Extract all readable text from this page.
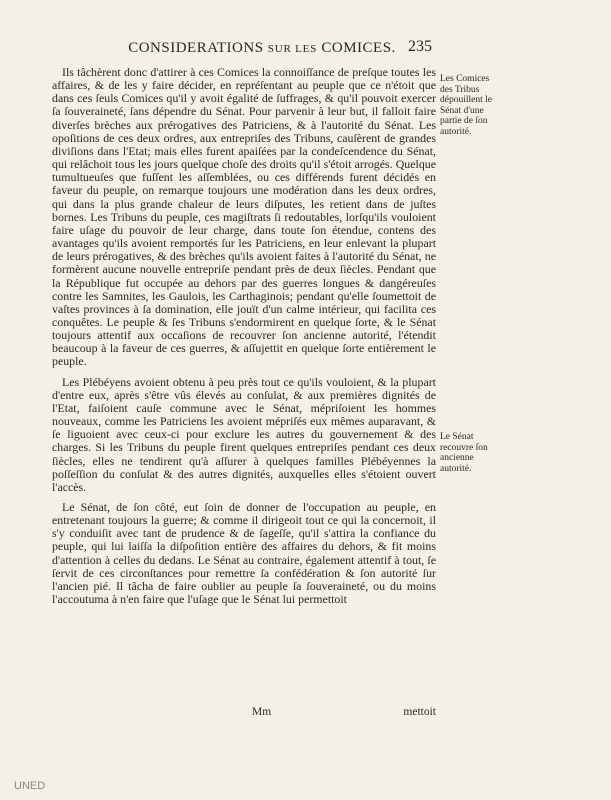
CONSIDERATIONS SUR LES COMICES. 235

Ils tâchèrent donc d'attirer à ces Comices la connoiſſance de preſque toutes les affaires, & de les y faire décider, en repréſentant au peuple que ce n'étoit que dans ces ſeuls Comices qu'il y avoit égalité de ſuffrages, & qu'il pouvoit exercer ſa ſouveraineté, ſans dépendre du Sénat. Pour parvenir à leur but, il falloit faire diverſes brèches aux prérogatives des Patriciens, & à l'autorité du Sénat. Les opoſitions de ces deux ordres, aux entrepriſes des Tribuns, cauſèrent de grandes diviſions dans l'Etat; mais elles furent apaiſées par la condeſcendence du Sénat, qui relâchoit tous les jours quelque choſe des droits qu'il s'étoit arrogés. Quelque tumultueuſes que fuſſent les aſſemblées, ou ces différends furent décidés en faveur du peuple, on remarque toujours une modération dans les deux ordres, qui dans la plus grande chaleur de leurs diſputes, les retient dans de juſtes bornes. Les Tribuns du peuple, ces magiſtrats ſi redoutables, lorſqu'ils vouloient faire uſage du pouvoir de leur charge, dans toute ſon étendue, contens des avantages qu'ils avoient remportés ſur les Patriciens, en leur enlevant la plupart de leurs prérogatives, & des brèches qu'ils avoient faites à l'autorité du Sénat, ne formèrent aucune nouvelle entrepriſe pendant près de deux ſiècles. Pendant que la République fut occupée au dehors par des guerres longues & dangéreuſes contre les Samnites, les Gaulois, les Carthaginois; pendant qu'elle ſoumettoit de vaſtes provinces à ſa domination, elle jouït d'un calme intérieur, qui facilita ces conquêtes. Le peuple & ſes Tribuns s'endormirent en quelque ſorte, & le Sénat toujours attentif aux occaſions de recouvrer ſon ancienne autorité, l'étendit beaucoup à la faveur de ces guerres, & aſſujettit en quelque ſorte entièrement le peuple.

Les Plébéyens avoient obtenu à peu près tout ce qu'ils vouloient, & la plupart d'entre eux, après s'être vûs élevés au conſulat, & aux premières dignités de l'Etat, faiſoient cauſe commune avec le Sénat, mépriſoient les hommes nouveaux, comme les Patriciens les avoient mépriſés eux mêmes auparavant, & ſe liguoient avec ceux-ci pour exclure les autres du gouvernement & des charges. Si les Tribuns du peuple firent quelques entrepriſes pendant ces deux ſiècles, elles ne tendirent qu'à aſſurer à quelques familles Plébéyennes la poſſeſſion du conſulat & des autres dignités, auxquelles elles s'étoient ouvert l'accès.

Le Sénat, de ſon côté, eut ſoin de donner de l'occupation au peuple, en entretenant toujours la guerre; & comme il dirigeoit tout ce qui la concernoit, il s'y conduiſit avec tant de prudence & de ſageſſe, qu'il s'attira la confiance du peuple, qui lui laiſſa la diſpoſition entière des affaires du dehors, & fit moins d'attention à celles du dedans. Le Sénat au contraire, également attentif à tout, ſe ſervit de ces circonſtances pour remettre ſa confédération & ſon autorité ſur l'ancien pié. Il tâcha de faire oublier au peuple ſa ſouveraineté, ou du moins l'accoutuma à n'en faire que l'uſage que le Sénat lui permettoit

Les Comices des Tribus dépouillent le Sénat d'une partie de ſon autorité.
Le Sénat recouvre ſon ancienne autorité.
Mm	mettoit
UNED
